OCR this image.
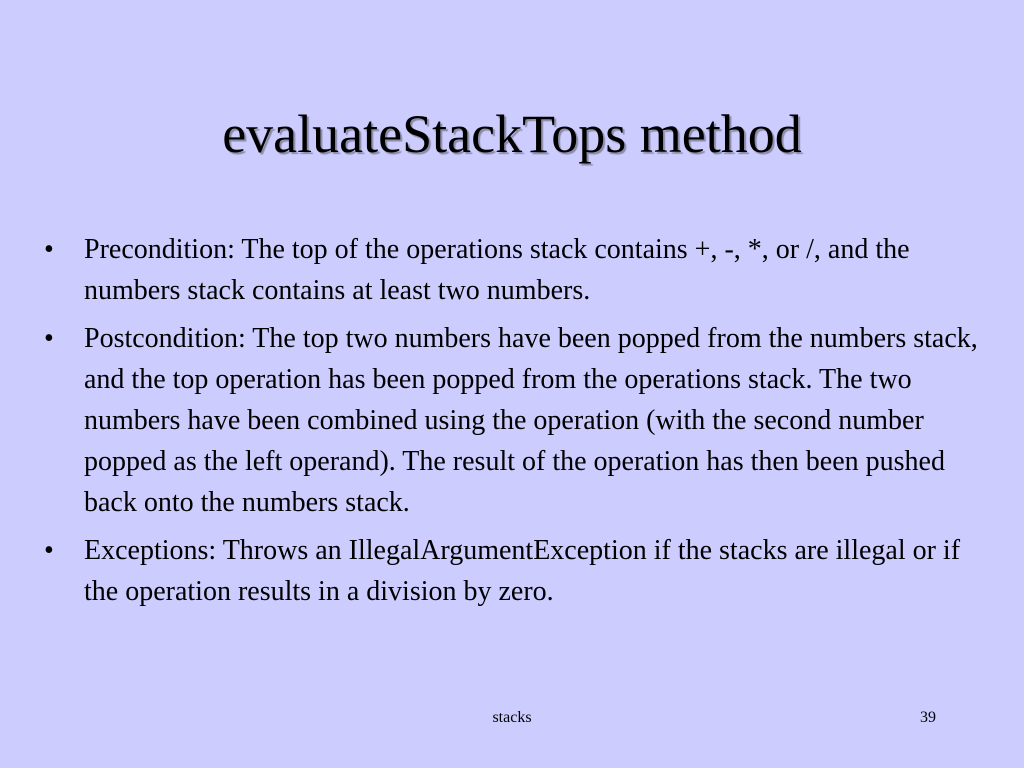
evaluateStackTops method
•	Precondition: The top of the operations stack contains +, -, *, or /, and the numbers stack contains at least two numbers.
•	Postcondition: The top two numbers have been popped from the numbers stack, and the top operation has been popped from the operations stack. The two numbers have been combined using the operation (with the second number popped as the left operand). The result of the operation has then been pushed back onto the numbers stack.
•	Exceptions: Throws an IllegalArgumentException if the stacks are illegal or if the operation results in a division by zero.
stacks	39
